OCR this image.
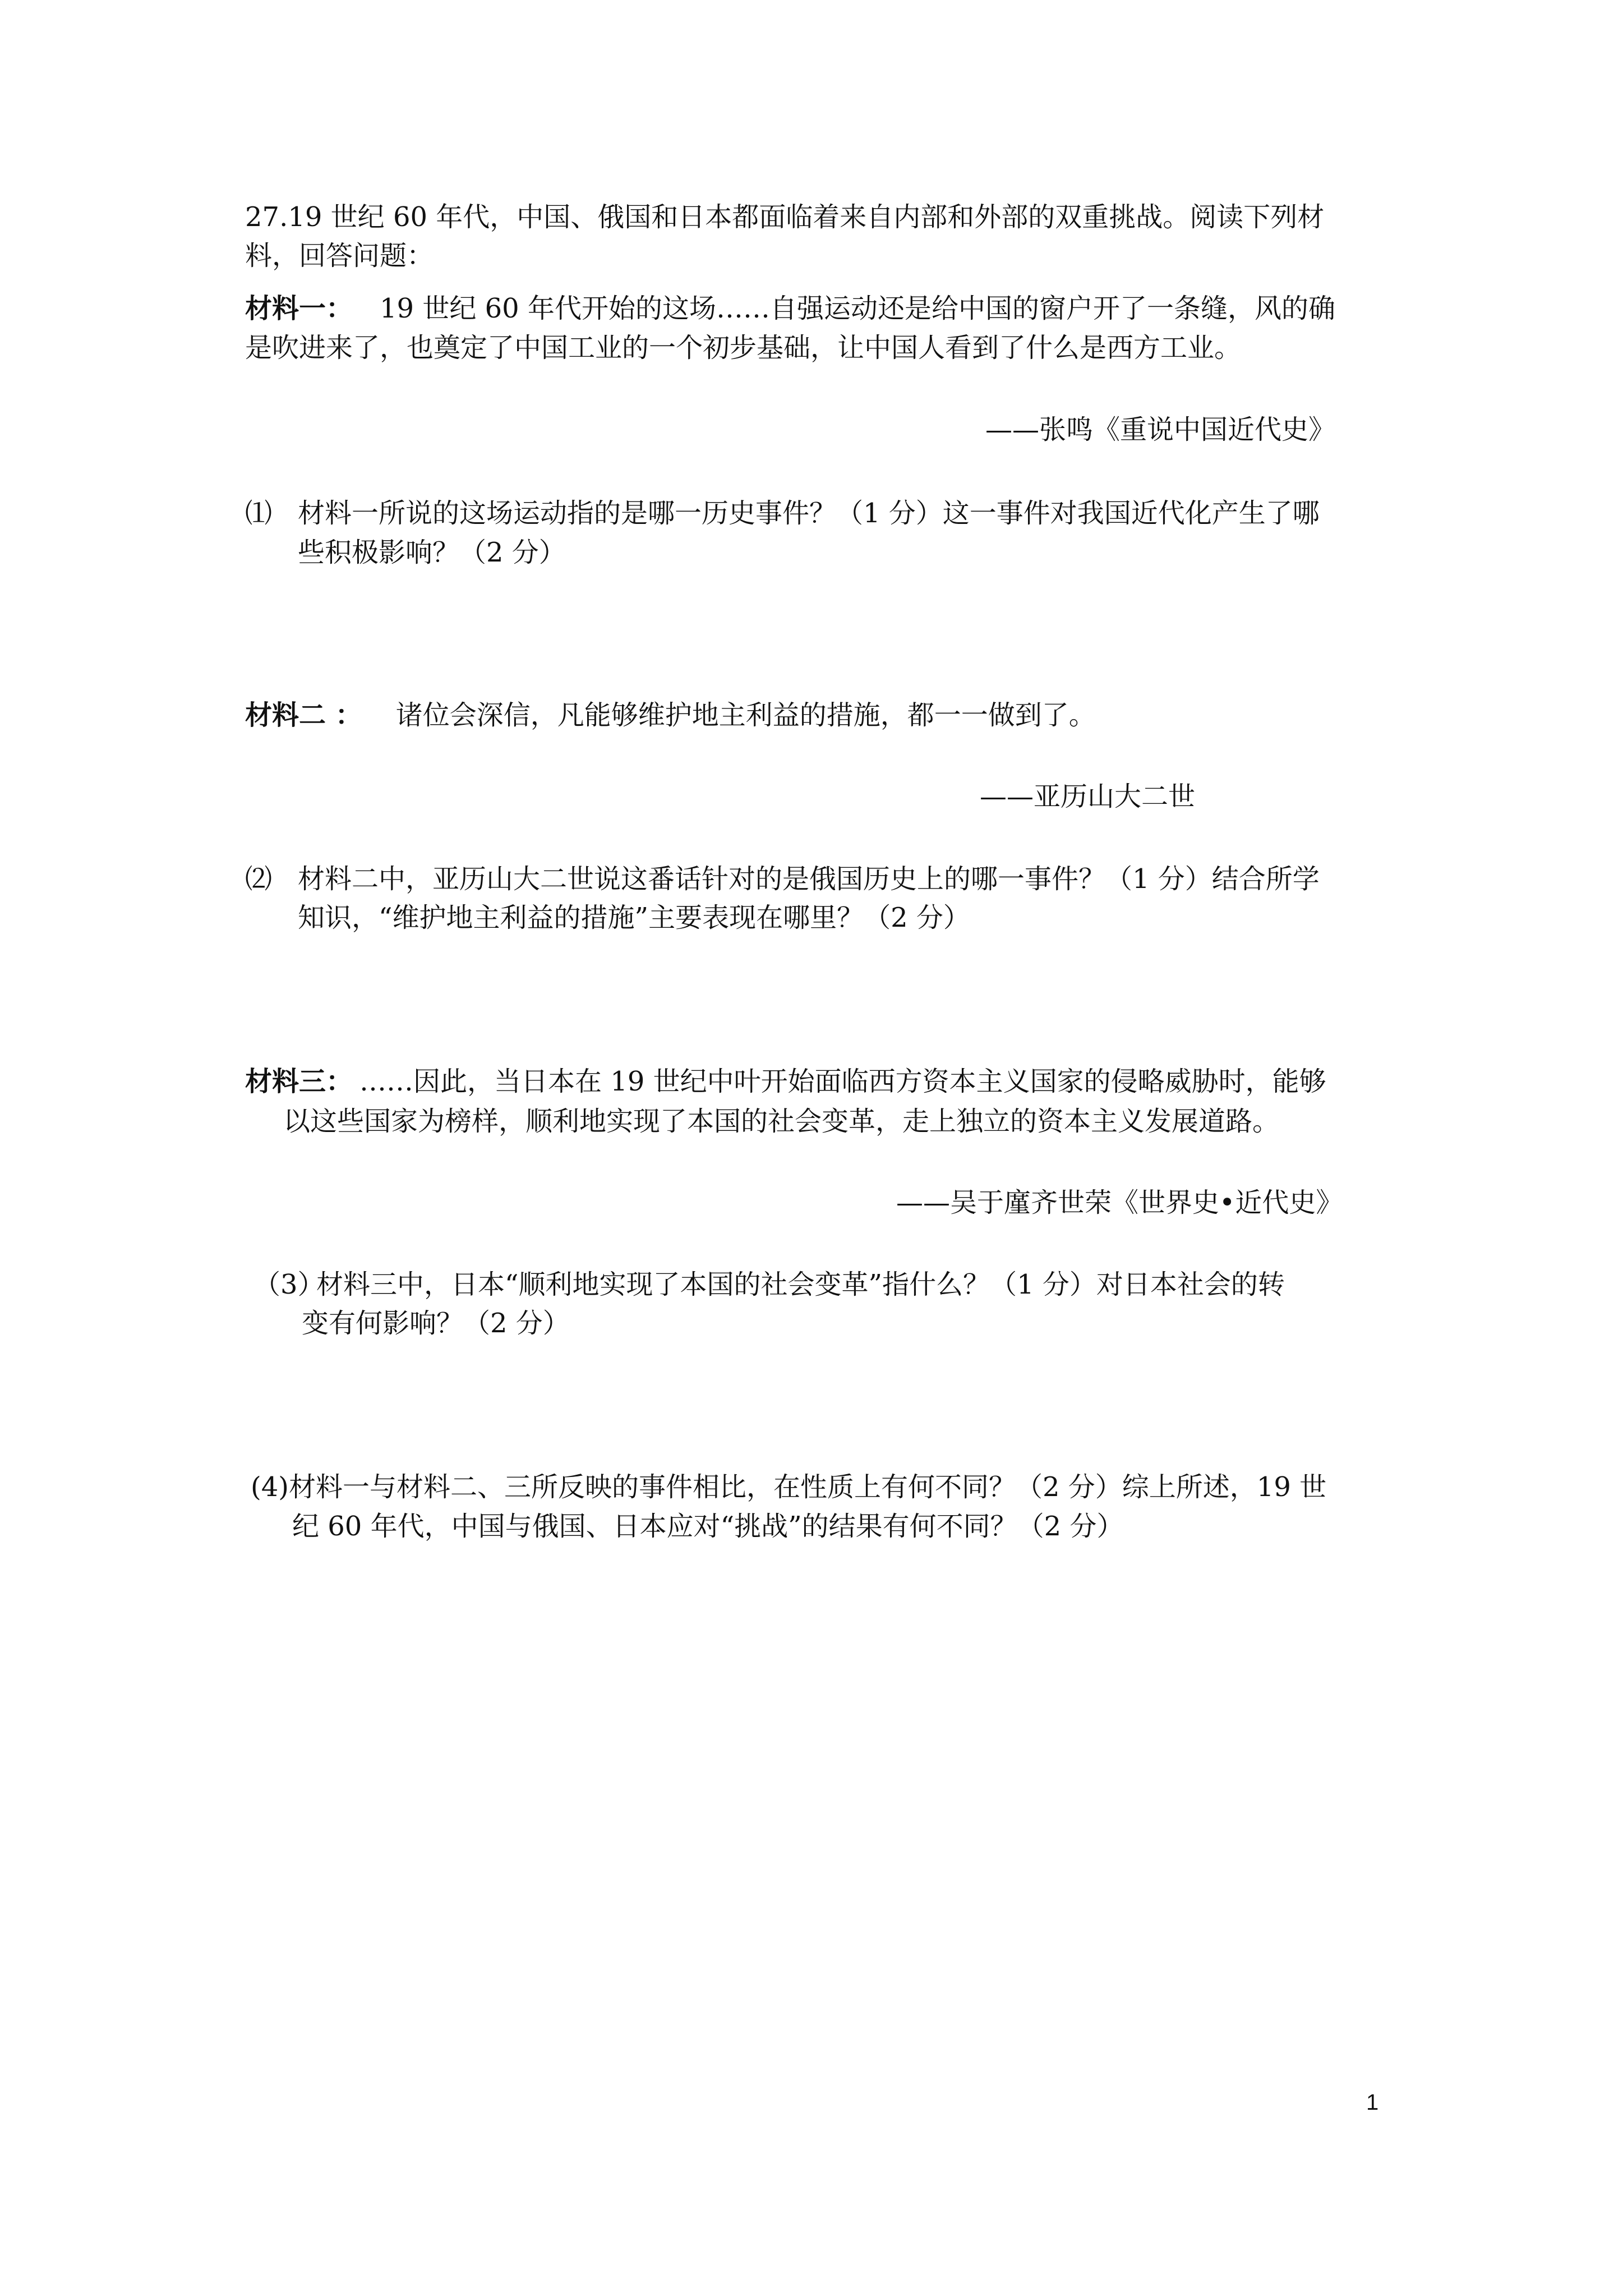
27.19 世纪 60 年代，中国、俄国和日本都面临着来自内部和外部的双重挑战。阅读下列材
料，回答问题：
材料一： 19 世纪 60 年代开始的这场……自强运动还是给中国的窗户开了一条缝，风的确
是吹进来了，也奠定了中国工业的一个初步基础，让中国人看到了什么是西方工业。
——张鸣《重说中国近代史》
⑴ 材料一所说的这场运动指的是哪一历史事件？（1 分）这一事件对我国近代化产生了哪
些积极影响？（2 分）
材料二 ： 诸位会深信，凡能够维护地主利益的措施，都一一做到了。
——亚历山大二世
⑵ 材料二中，亚历山大二世说这番话针对的是俄国历史上的哪一事件？（1 分）结合所学
知识，“维护地主利益的措施”主要表现在哪里？（2 分）
材料三： ……因此，当日本在 19 世纪中叶开始面临西方资本主义国家的侵略威胁时，能够
以这些国家为榜样，顺利地实现了本国的社会变革，走上独立的资本主义发展道路。
——吴于廑齐世荣《世界史•近代史》
（3）材料三中，日本“顺利地实现了本国的社会变革”指什么？（1 分）对日本社会的转
变有何影响？（2 分）
(4)材料一与材料二、三所反映的事件相比，在性质上有何不同？（2 分）综上所述，19 世
纪 60 年代，中国与俄国、日本应对“挑战”的结果有何不同？（2 分）
1
